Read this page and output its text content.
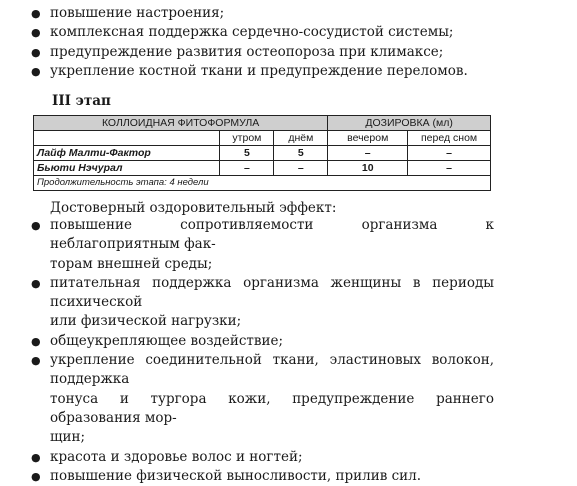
● повышение настроения;
● комплексная поддержка сердечно-сосудистой системы;
● предупреждение развития остеопороза при климаксе;
● укрепление костной ткани и предупреждение переломов.
III этап
КОЛЛОИДНАЯ ФИТОФОРМУЛА			ДОЗИРОВКА (мл)	
	утром	днём	вечером	перед сном
Лайф Малти-Фактор	5	5	–	–
Бьюти Нэчурал	–	–	10	–
Продолжительность этапа: 4 недели				
Достоверный оздоровительный эффект:
● повышение сопротивляемости организма к неблагоприятным фак-
торам внешней среды;
● питательная поддержка организма женщины в периоды психической
или физической нагрузки;
● общеукрепляющее воздействие;
● укрепление соединительной ткани, эластиновых волокон, поддержка
тонуса и тургора кожи, предупреждение раннего образования мор-
щин;
● красота и здоровье волос и ногтей;
● повышение физической выносливости, прилив сил.
